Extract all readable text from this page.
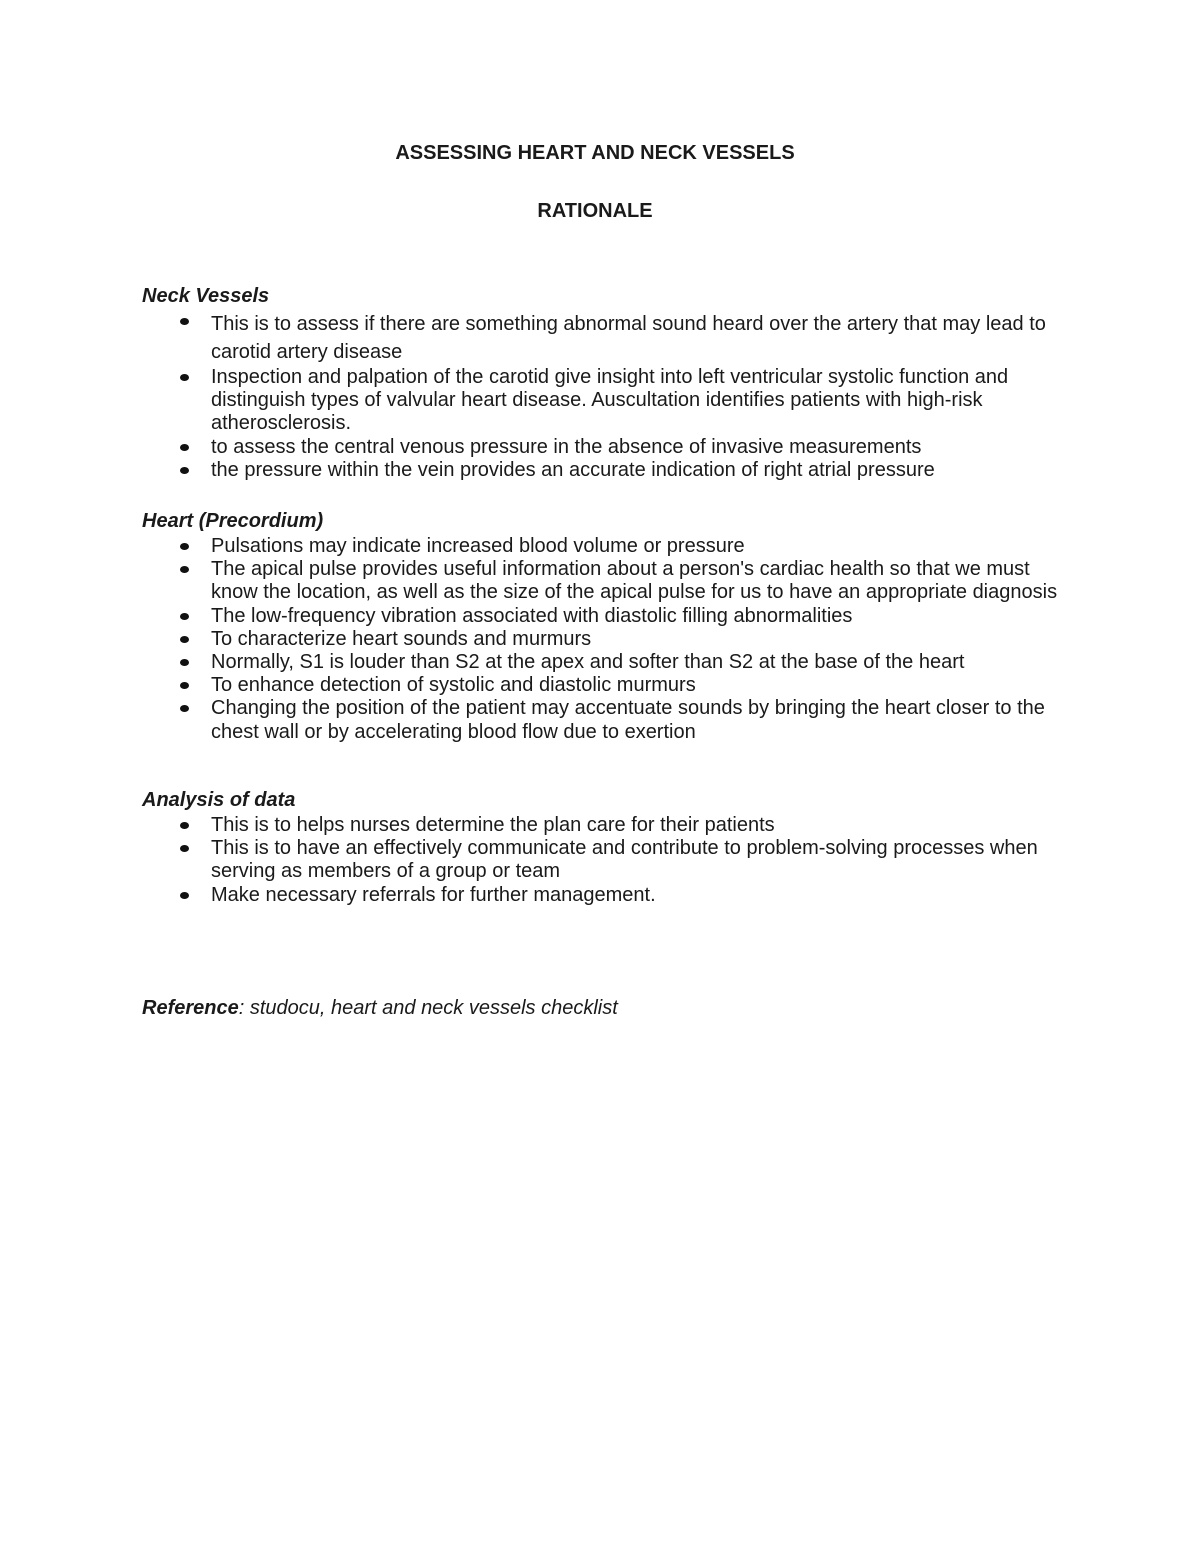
ASSESSING HEART AND NECK VESSELS
RATIONALE
Neck Vessels
This is to assess if there are something abnormal sound heard over the artery that may lead to carotid artery disease
Inspection and palpation of the carotid give insight into left ventricular systolic function and distinguish types of valvular heart disease. Auscultation identifies patients with high-risk atherosclerosis.
to assess the central venous pressure in the absence of invasive measurements
the pressure within the vein provides an accurate indication of right atrial pressure
Heart (Precordium)
Pulsations may indicate increased blood volume or pressure
The apical pulse provides useful information about a person's cardiac health so that we must know the location, as well as the size of the apical pulse for us to have an appropriate diagnosis
The low-frequency vibration associated with diastolic filling abnormalities
To characterize heart sounds and murmurs
Normally, S1 is louder than S2 at the apex and softer than S2 at the base of the heart
To enhance detection of systolic and diastolic murmurs
Changing the position of the patient may accentuate sounds by bringing the heart closer to the chest wall or by accelerating blood flow due to exertion
Analysis of data
This is to helps nurses determine the plan care for their patients
This is to have an effectively communicate and contribute to problem-solving processes when serving as members of a group or team
Make necessary referrals for further management.
Reference: studocu, heart and neck vessels checklist
